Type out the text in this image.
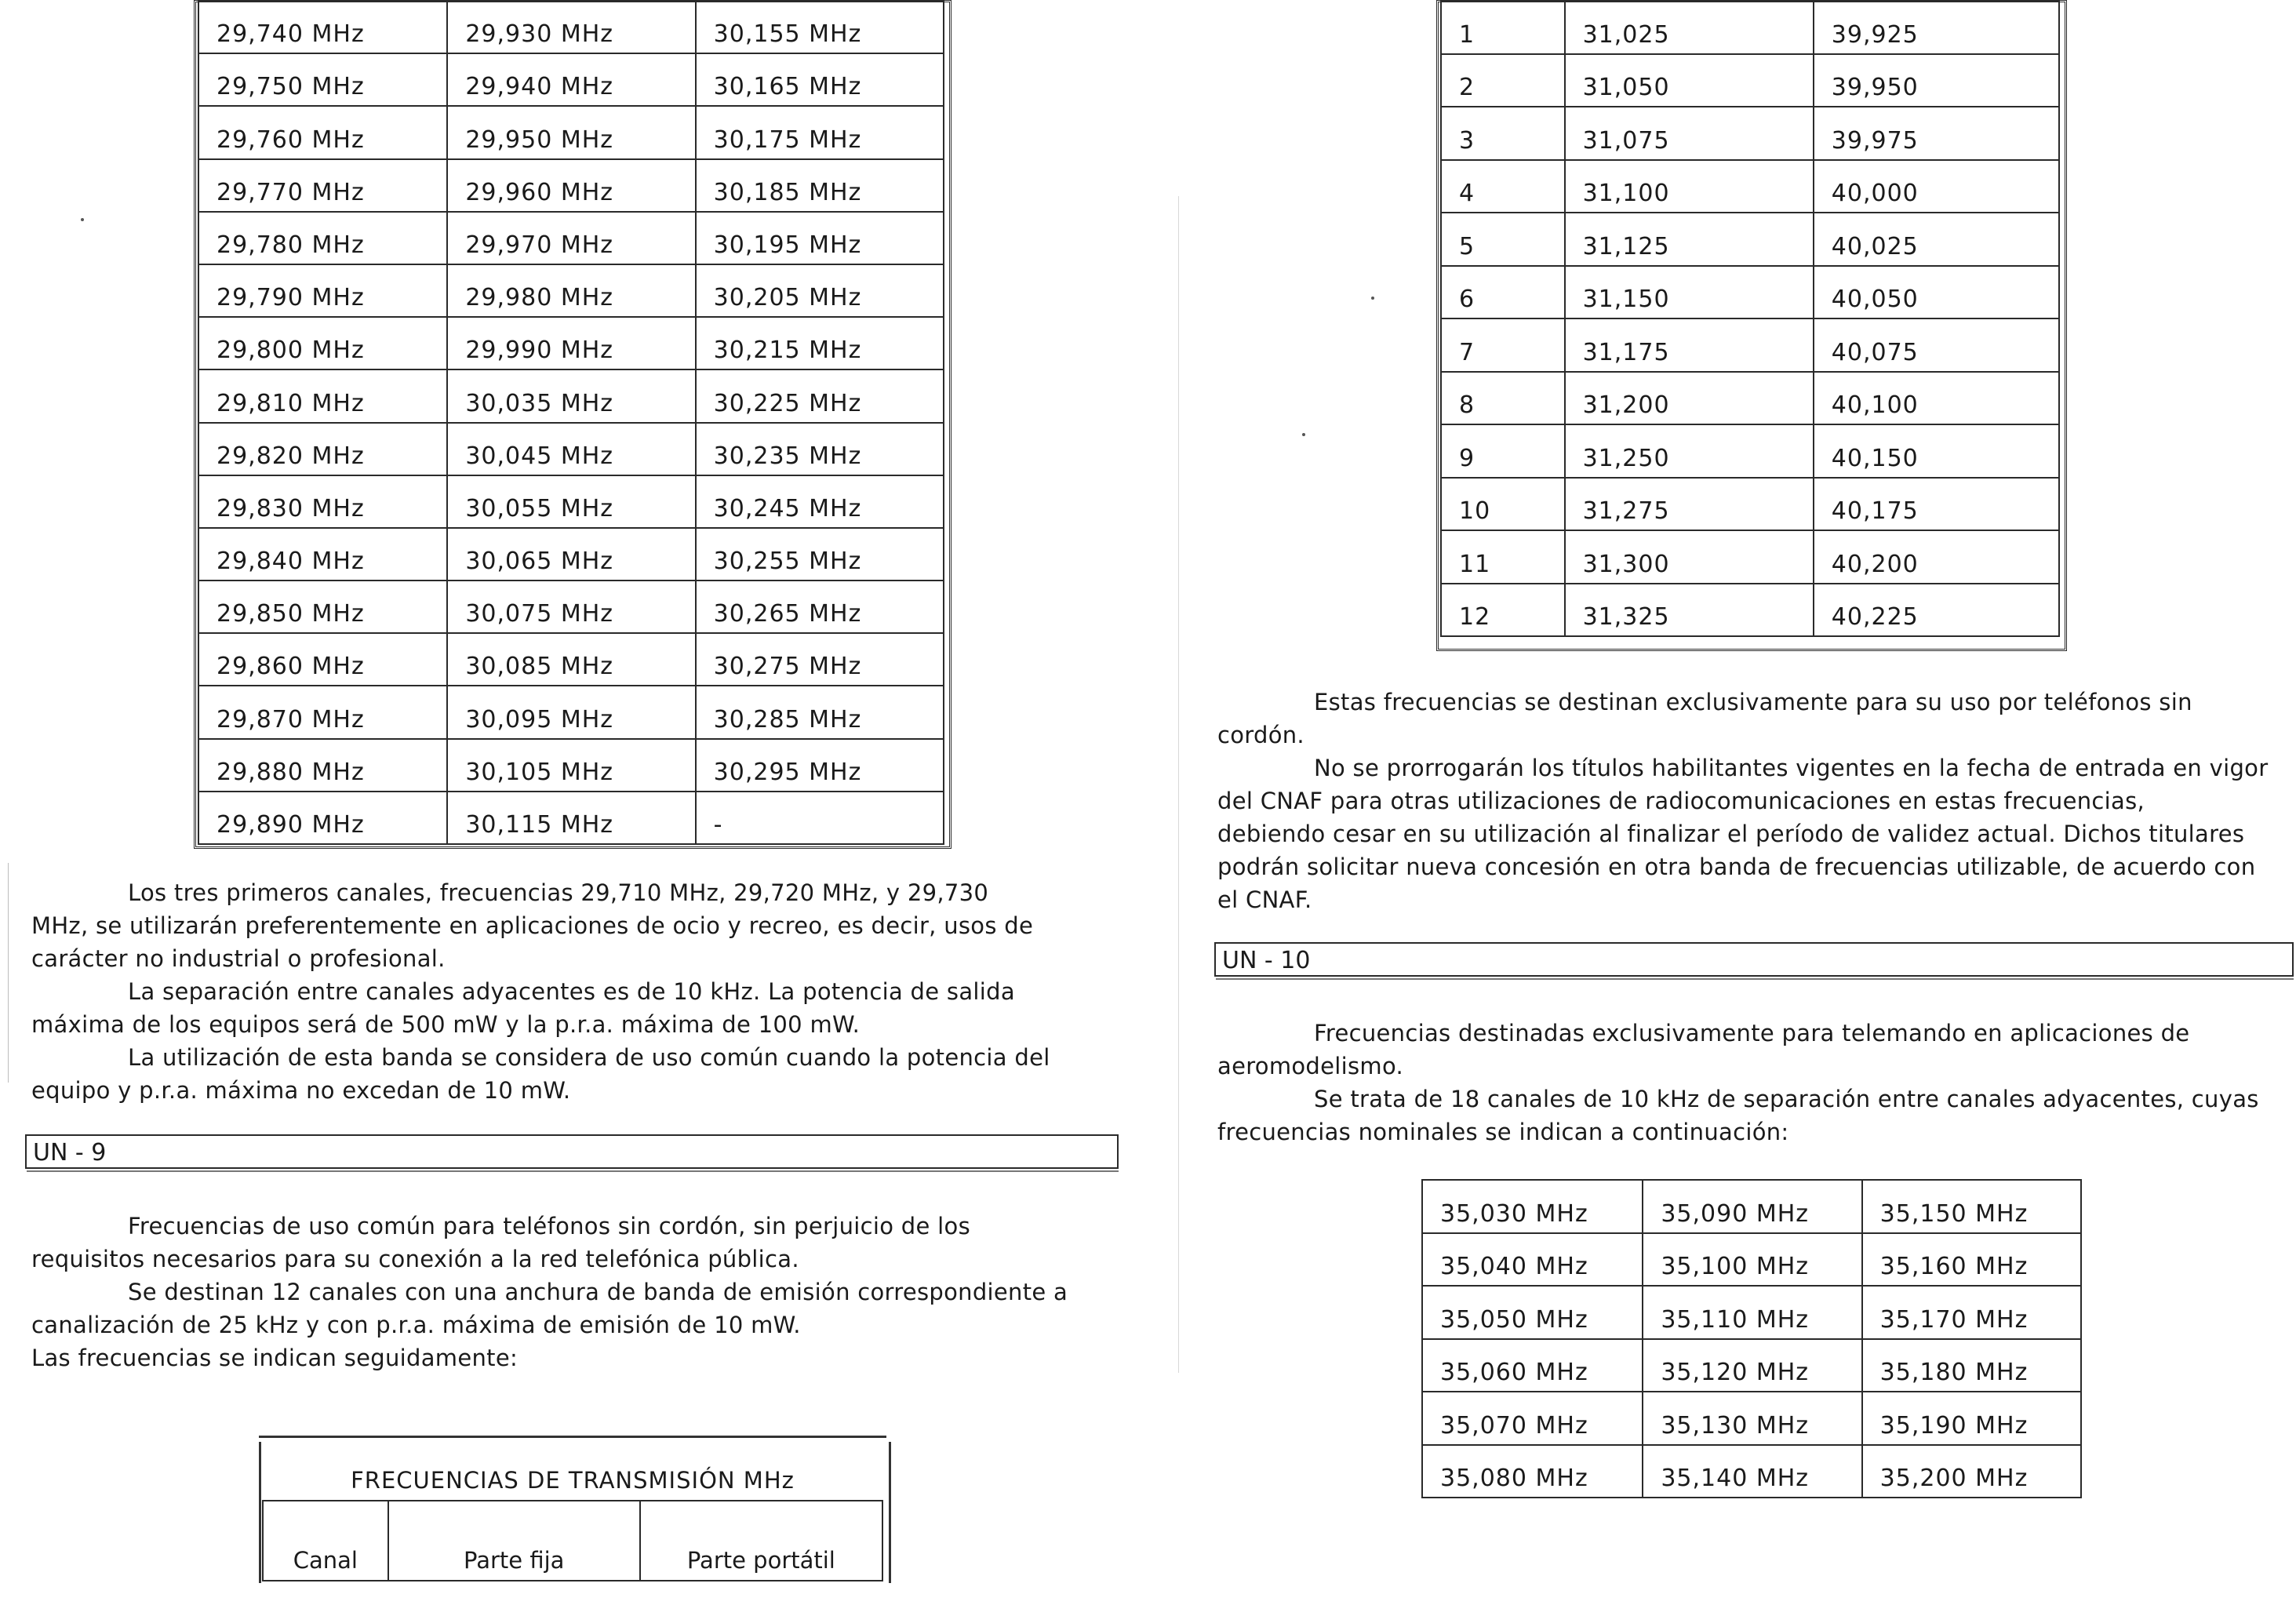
29,740 MHz	29,930 MHz	30,155 MHz
29,750 MHz	29,940 MHz	30,165 MHz
29,760 MHz	29,950 MHz	30,175 MHz
29,770 MHz	29,960 MHz	30,185 MHz
29,780 MHz	29,970 MHz	30,195 MHz
29,790 MHz	29,980 MHz	30,205 MHz
29,800 MHz	29,990 MHz	30,215 MHz
29,810 MHz	30,035 MHz	30,225 MHz
29,820 MHz	30,045 MHz	30,235 MHz
29,830 MHz	30,055 MHz	30,245 MHz
29,840 MHz	30,065 MHz	30,255 MHz
29,850 MHz	30,075 MHz	30,265 MHz
29,860 MHz	30,085 MHz	30,275 MHz
29,870 MHz	30,095 MHz	30,285 MHz
29,880 MHz	30,105 MHz	30,295 MHz
29,890 MHz	30,115 MHz	-

Los tres primeros canales, frecuencias 29,710 MHz, 29,720 MHz, y 29,730
MHz, se utilizarán preferentemente en aplicaciones de ocio y recreo, es decir, usos de
carácter no industrial o profesional.

La separación entre canales adyacentes es de 10 kHz. La potencia de salida
máxima de los equipos será de 500 mW y la p.r.a. máxima de 100 mW.

La utilización de esta banda se considera de uso común cuando la potencia del
equipo y p.r.a. máxima no excedan de 10 mW.

UN - 9

Frecuencias de uso común para teléfonos sin cordón, sin perjuicio de los
requisitos necesarios para su conexión a la red telefónica pública.

Se destinan 12 canales con una anchura de banda de emisión correspondiente a
canalización de 25 kHz y con p.r.a. máxima de emisión de 10 mW.

Las frecuencias se indican seguidamente:

FRECUENCIAS DE TRANSMISIÓN MHz
Canal	Parte fija	Parte portátil
1	31,025	39,925
2	31,050	39,950
3	31,075	39,975
4	31,100	40,000
5	31,125	40,025
6	31,150	40,050
7	31,175	40,075
8	31,200	40,100
9	31,250	40,150
10	31,275	40,175
11	31,300	40,200
12	31,325	40,225

Estas frecuencias se destinan exclusivamente para su uso por teléfonos sin
cordón.

No se prorrogarán los títulos habilitantes vigentes en la fecha de entrada en vigor
del CNAF para otras utilizaciones de radiocomunicaciones en estas frecuencias,
debiendo cesar en su utilización al finalizar el período de validez actual. Dichos titulares
podrán solicitar nueva concesión en otra banda de frecuencias utilizable, de acuerdo con
el CNAF.

UN - 10

Frecuencias destinadas exclusivamente para telemando en aplicaciones de
aeromodelismo.

Se trata de 18 canales de 10 kHz de separación entre canales adyacentes, cuyas
frecuencias nominales se indican a continuación:

35,030 MHz	35,090 MHz	35,150 MHz
35,040 MHz	35,100 MHz	35,160 MHz
35,050 MHz	35,110 MHz	35,170 MHz
35,060 MHz	35,120 MHz	35,180 MHz
35,070 MHz	35,130 MHz	35,190 MHz
35,080 MHz	35,140 MHz	35,200 MHz
